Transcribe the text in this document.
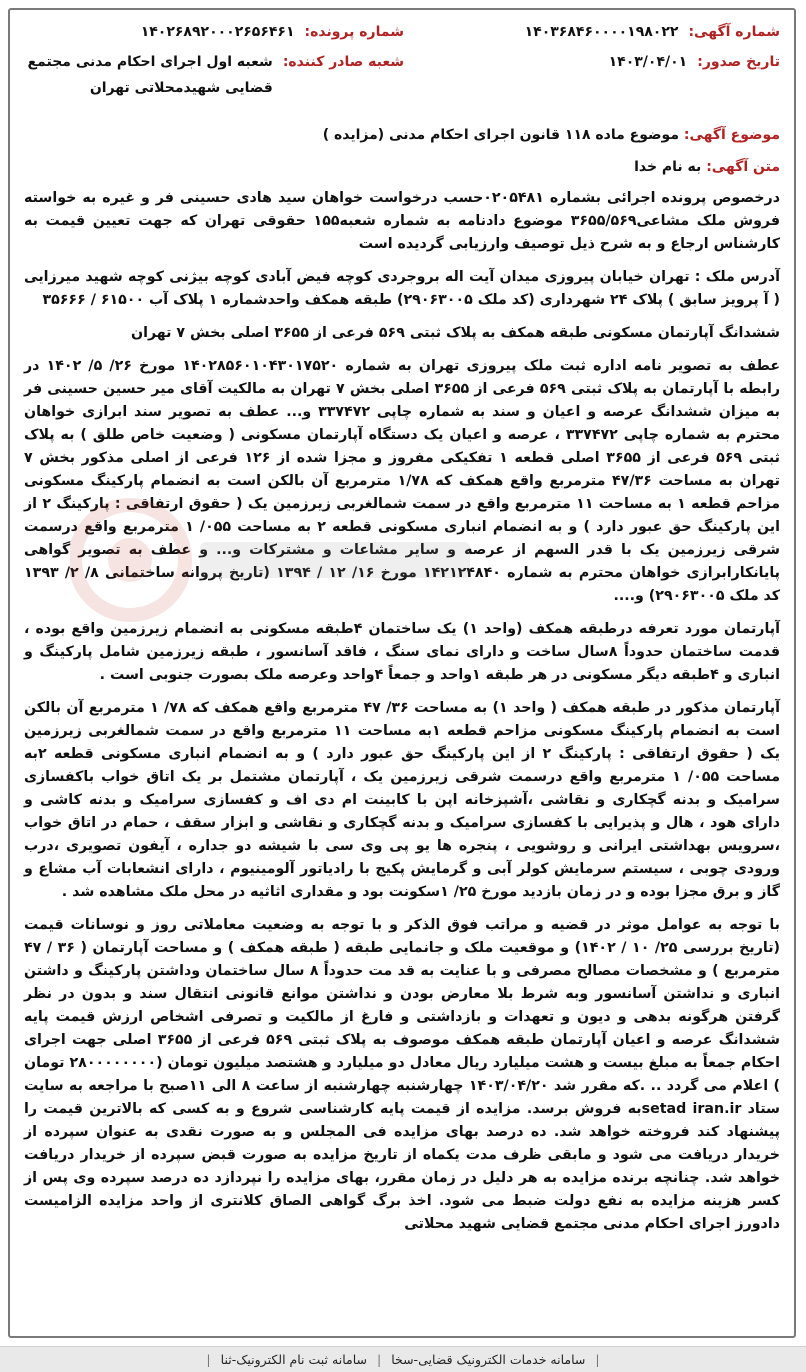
شماره آگهی:
۱۴۰۳۶۸۴۶۰۰۰۰۱۹۸۰۲۲
شماره پرونده:
۱۴۰۲۶۸۹۲۰۰۰۲۶۵۶۴۶۱
تاریخ صدور:
۱۴۰۳/۰۴/۰۱
شعبه صادر کننده:
شعبه اول اجرای احکام مدنی مجتمع قضایی شهیدمحلاتی تهران
موضوع آگهی: موضوع ماده ۱۱۸ قانون اجرای احکام مدنی (مزایده )
متن آگهی: به نام خدا

درخصوص پرونده اجرائی بشماره ۰۲۰۵۴۸۱حسب درخواست خواهان سید هادی حسینی فر و غیره به خواسته فروش ملک مشاعی۳۶۵۵/۵۶۹ موضوع دادنامه به شماره شعبه۱۵۵ حقوقی تهران که جهت تعیین قیمت به کارشناس ارجاع و به شرح ذیل توصیف وارزیابی گردیده است

آدرس ملک : تهران خیابان پیروزی میدان آیت اله بروجردی کوچه فیض آبادی کوچه بیژنی کوچه شهید میرزایی ( آ پرویز سابق ) پلاک ۲۴ شهرداری (کد ملک ۲۹۰۶۳۰۰۵) طبقه همکف واحدشماره ۱ پلاک آب ۶۱۵۰۰ / ۳۵۶۶۶

ششدانگ آپارتمان مسکونی طبقه همکف به پلاک ثبتی ۵۶۹ فرعی از ۳۶۵۵ اصلی بخش ۷ تهران

عطف به تصویر نامه اداره ثبت ملک پیروزی تهران به شماره ۱۴۰۲۸۵۶۰۱۰۴۳۰۱۷۵۲۰ مورخ ۲۶/ ۵/ ۱۴۰۲ در رابطه با آپارتمان به پلاک ثبتی ۵۶۹ فرعی از ۳۶۵۵ اصلی بخش ۷ تهران به مالکیت آقای میر حسین حسینی فر به میزان ششدانگ عرصه و اعیان و سند به شماره چاپی ۳۳۷۴۷۲ و... عطف به تصویر سند ابرازی خواهان محترم به شماره چاپی ۳۳۷۴۷۲ ، عرصه و اعیان یک دستگاه آپارتمان مسکونی ( وضعیت خاص طلق ) به پلاک ثبتی ۵۶۹ فرعی از ۳۶۵۵ اصلی قطعه ۱ تفکیکی مفروز و مجزا شده از ۱۲۶ فرعی از اصلی مذکور بخش ۷ تهران به مساحت ۴۷/۳۶ مترمربع واقع همکف که ۱/۷۸ مترمربع آن بالکن است به انضمام پارکینگ مسکونی مزاحم قطعه ۱ به مساحت ۱۱ مترمربع واقع در سمت شمالغربی زیرزمین یک ( حقوق ارتفاقی : پارکینگ ۲ از این پارکینگ حق عبور دارد ) و به انضمام انباری مسکونی قطعه ۲ به مساحت ۰۵۵/ ۱ مترمربع واقع درسمت شرقی زیرزمین یک با قدر السهم از عرصه و سایر مشاعات و مشترکات و... و عطف به تصویر گواهی پایانکارابرازی خواهان محترم به شماره ۱۴۲۱۲۴۸۴۰ مورخ ۱۶/ ۱۲ / ۱۳۹۴ (تاریخ پروانه ساختمانی ۸/ ۲/ ۱۳۹۳ کد ملک ۲۹۰۶۳۰۰۵) و....

آپارتمان مورد تعرفه درطبقه همکف (واحد ۱) یک ساختمان ۴طبقه مسکونی به انضمام زیرزمین واقع بوده ، قدمت ساختمان حدوداً ۸سال ساخت و دارای نمای سنگ ، فاقد آسانسور ، طبقه زیرزمین شامل پارکینگ و انباری و ۴طبقه دیگر مسکونی در هر طبقه ۱واحد و جمعاً ۴واحد وعرصه ملک بصورت جنوبی است .

آپارتمان مذکور در طبقه همکف ( واحد ۱) به مساحت ۳۶/ ۴۷ مترمربع واقع همکف که ۷۸/ ۱ مترمربع آن بالکن است به انضمام پارکینگ مسکونی مزاحم قطعه ۱به مساحت ۱۱ مترمربع واقع در سمت شمالغربی زیرزمین یک ( حقوق ارتفاقی : پارکینگ ۲ از این پارکینگ حق عبور دارد ) و به انضمام انباری مسکونی قطعه ۲به مساحت ۰۵۵/ ۱ مترمربع واقع درسمت شرقی زیرزمین یک ، آپارتمان مشتمل بر یک اتاق خواب باکفسازی سرامیک و بدنه گچکاری و نقاشی ،آشپزخانه اپن با کابینت ام دی اف و کفسازی سرامیک و بدنه کاشی و دارای هود ، هال و پذیرایی با کفسازی سرامیک و بدنه گچکاری و نقاشی و ابزار سقف ، حمام در اتاق خواب ،سرویس بهداشتی ایرانی و روشویی ، پنجره ها یو پی وی سی با شیشه دو جداره ، آیفون تصویری ،درب ورودی چوبی ، سیستم سرمایش کولر آبی و گرمایش پکیج با رادیاتور آلومینیوم ، دارای انشعابات آب مشاع و گاز و برق مجزا بوده و در زمان بازدید مورخ ۲۵/ ۱سکونت بود و مقداری اثاثیه در محل ملک مشاهده شد .

با توجه به عوامل موثر در قضیه و مراتب فوق الذکر و با توجه به وضعیت معاملاتی روز و نوسانات قیمت (تاریخ بررسی ۲۵/ ۱۰ / ۱۴۰۲) و موقعیت ملک و جانمایی طبقه ( طبقه همکف ) و مساحت آپارتمان ( ۳۶ / ۴۷ مترمربع ) و مشخصات مصالح مصرفی و با عنایت به قد مت حدوداً ۸ سال ساختمان وداشتن پارکینگ و داشتن انباری و نداشتن آسانسور وبه شرط بلا معارض بودن و نداشتن موانع قانونی انتقال سند و بدون در نظر گرفتن هرگونه بدهی و دیون و تعهدات و بازداشتی و فارغ از مالکیت و تصرفی اشخاص ارزش قیمت پایه ششدانگ عرصه و اعیان آپارتمان طبقه همکف موصوف به پلاک ثبتی ۵۶۹ فرعی از ۳۶۵۵ اصلی جهت اجرای احکام جمعاً به مبلغ بیست و هشت میلیارد ریال معادل دو میلیارد و هشتصد میلیون تومان (۲۸۰۰۰۰۰۰۰۰ تومان ) اعلام می گردد .. .که مقرر شد ۱۴۰۳/۰۴/۲۰ چهارشنبه چهارشنبه از ساعت ۸ الی ۱۱صبح با مراجعه به سایت ستاد setad iran.irبه فروش برسد. مزایده از قیمت پایه کارشناسی شروع و به کسی که بالاترین قیمت را پیشنهاد کند فروخته خواهد شد. ده درصد بهای مزایده فی المجلس و به صورت نقدی به عنوان سپرده از خریدار دریافت می شود و مابقی ظرف مدت یکماه از تاریخ مزایده به صورت قبض سپرده از خریدار دریافت خواهد شد. چنانچه برنده مزایده به هر دلیل در زمان مقرر، بهای مزایده را نپردازد ده درصد سپرده وی پس از کسر هزینه مزایده به نفع دولت ضبط می شود. اخذ برگ گواهی الصاق کلانتری از واحد مزایده الزامیست دادورز اجرای احکام مدنی مجتمع قضایی شهید محلاتی

|
سامانه خدمات الکترونیک قضایی-سخا
|
سامانه ثبت نام الکترونیک-ثنا
|
